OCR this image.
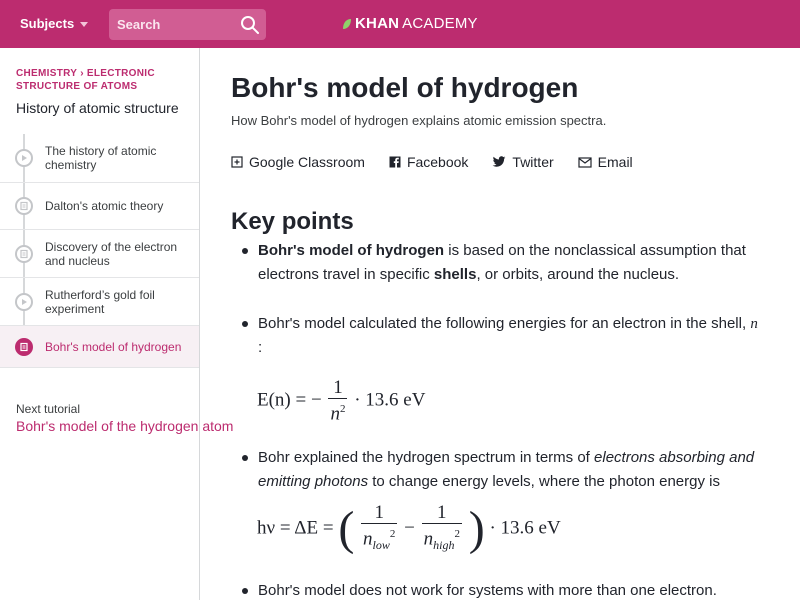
Subjects
Search	KHAN ACADEMY
CHEMISTRY › ELECTRONIC STRUCTURE OF ATOMS
History of atomic structure
The history of atomic chemistry
Dalton's atomic theory
Discovery of the electron and nucleus
Rutherford’s gold foil experiment
Bohr's model of hydrogen
Next tutorial
Bohr's model of the hydrogen atom
Bohr's model of hydrogen
How Bohr's model of hydrogen explains atomic emission spectra.
Google Classroom	Facebook	Twitter	Email
Key points
Bohr's model of hydrogen is based on the nonclassical assumption that electrons travel in specific shells, or orbits, around the nucleus.
Bohr's model calculated the following energies for an electron in the shell, n
:
E(n) = − $\frac{1}{n^2} \cdot 13.6$ eV
Bohr explained the hydrogen spectrum in terms of electrons absorbing and emitting photons to change energy levels, where the photon energy is
hν = ΔE = ( $\frac{1}{n_{low}^2} - \frac{1}{n_{high}^2}$ ) · 13.6 eV
Bohr's model does not work for systems with more than one electron.
